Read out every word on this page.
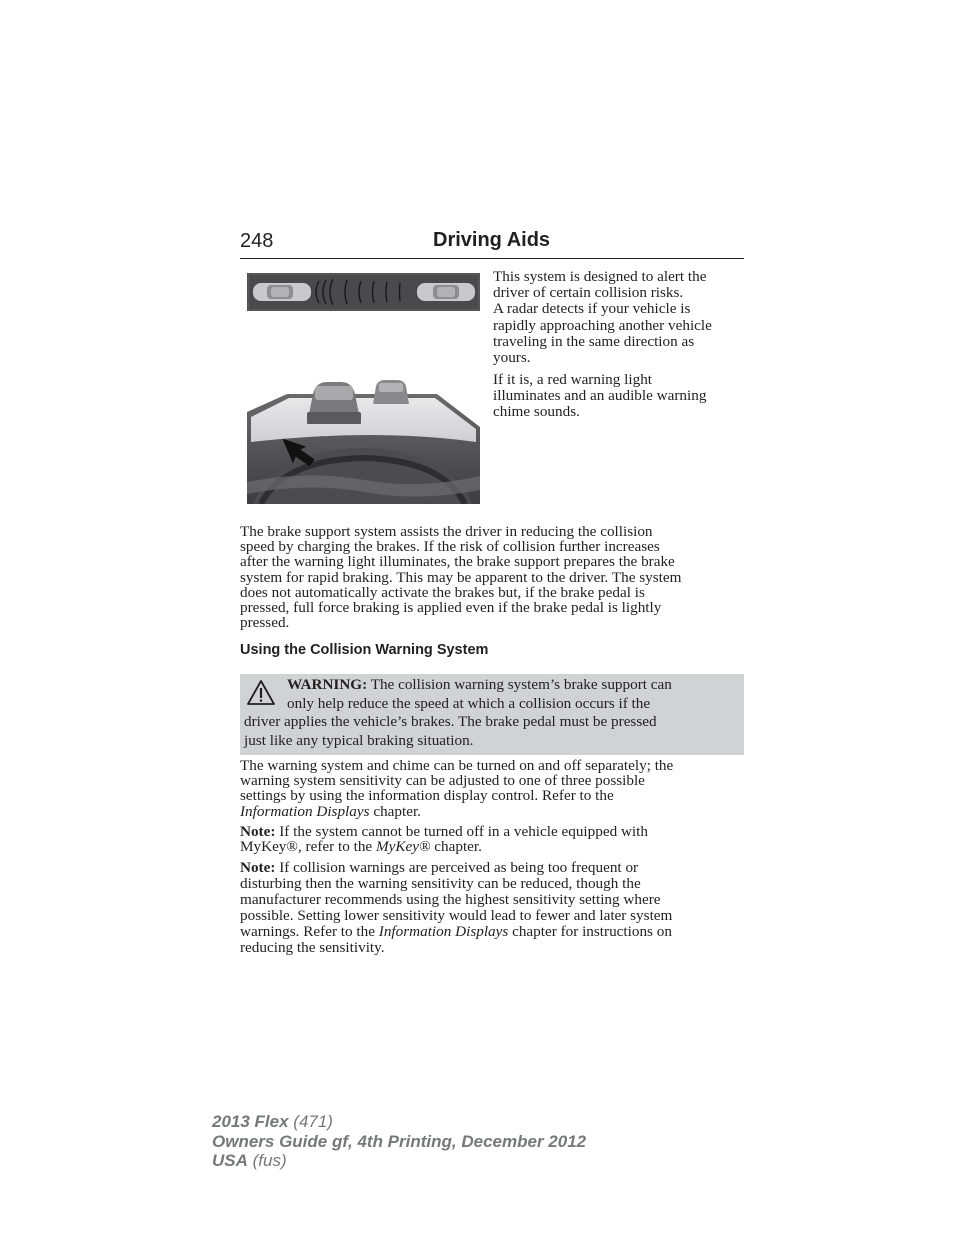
248	Driving Aids
This system is designed to alert the
driver of certain collision risks.
A radar detects if your vehicle is
rapidly approaching another vehicle
traveling in the same direction as
yours.
If it is, a red warning light
illuminates and an audible warning
chime sounds.
The brake support system assists the driver in reducing the collision
speed by charging the brakes. If the risk of collision further increases
after the warning light illuminates, the brake support prepares the brake
system for rapid braking. This may be apparent to the driver. The system
does not automatically activate the brakes but, if the brake pedal is
pressed, full force braking is applied even if the brake pedal is lightly
pressed.
Using the Collision Warning System
WARNING: The collision warning system’s brake support can
only help reduce the speed at which a collision occurs if the
driver applies the vehicle’s brakes. The brake pedal must be pressed
just like any typical braking situation.
The warning system and chime can be turned on and off separately; the
warning system sensitivity can be adjusted to one of three possible
settings by using the information display control. Refer to the
Information Displays chapter.
Note: If the system cannot be turned off in a vehicle equipped with
MyKey®, refer to the MyKey® chapter.
Note: If collision warnings are perceived as being too frequent or
disturbing then the warning sensitivity can be reduced, though the
manufacturer recommends using the highest sensitivity setting where
possible. Setting lower sensitivity would lead to fewer and later system
warnings. Refer to the Information Displays chapter for instructions on
reducing the sensitivity.
2013 Flex (471)
Owners Guide gf, 4th Printing, December 2012
USA (fus)
